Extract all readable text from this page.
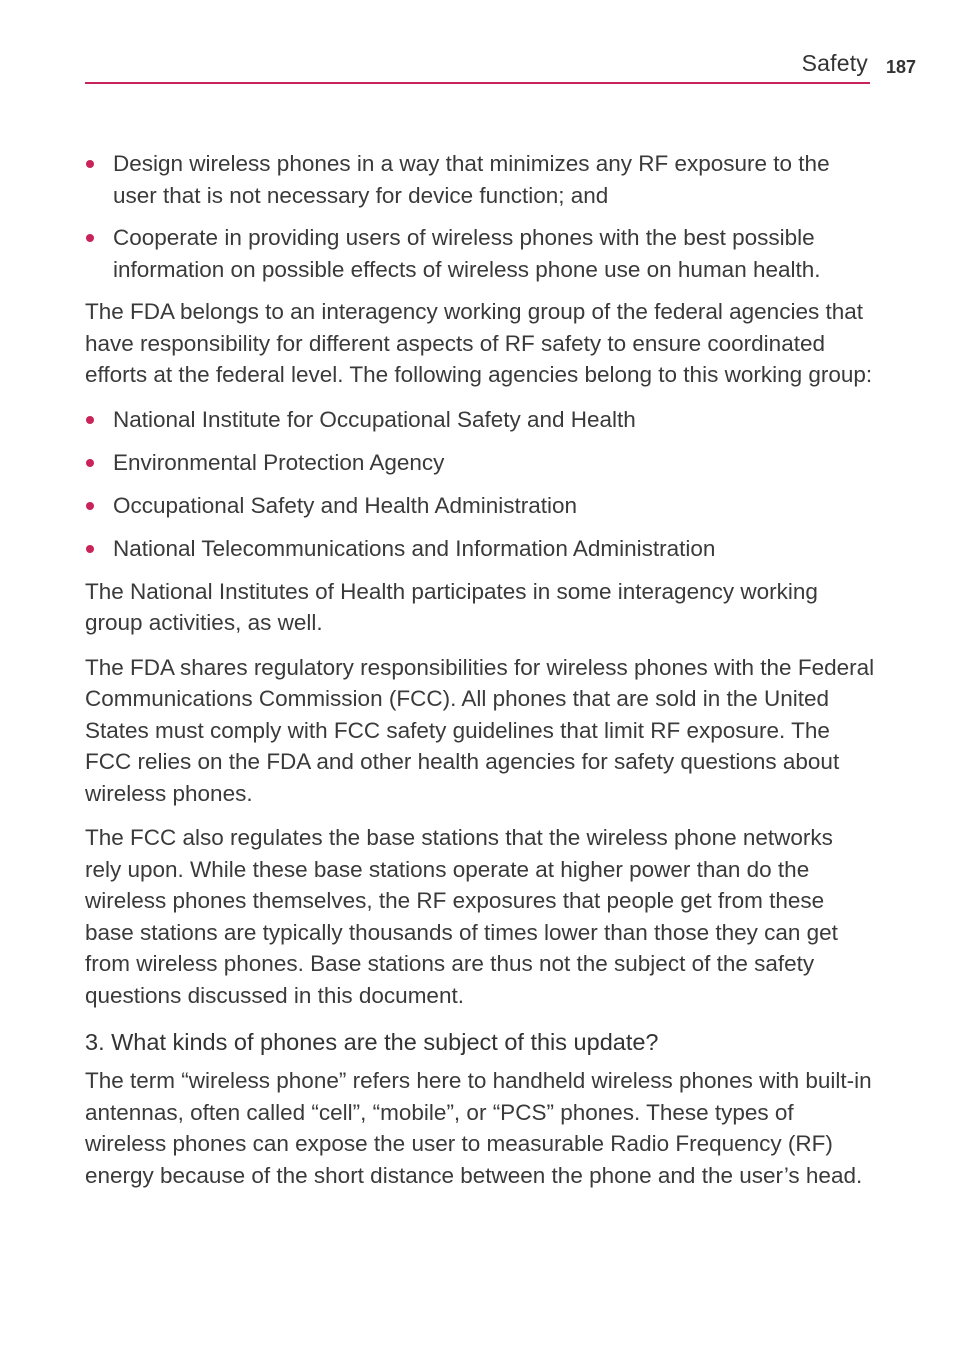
Safety 187
Design wireless phones in a way that minimizes any RF exposure to the user that is not necessary for device function; and
Cooperate in providing users of wireless phones with the best possible information on possible effects of wireless phone use on human health.

The FDA belongs to an interagency working group of the federal agencies that have responsibility for different aspects of RF safety to ensure coordinated efforts at the federal level. The following agencies belong to this working group:

National Institute for Occupational Safety and Health
Environmental Protection Agency
Occupational Safety and Health Administration
National Telecommunications and Information Administration

The National Institutes of Health participates in some interagency working group activities, as well.

The FDA shares regulatory responsibilities for wireless phones with the Federal Communications Commission (FCC). All phones that are sold in the United States must comply with FCC safety guidelines that limit RF exposure. The FCC relies on the FDA and other health agencies for safety questions about wireless phones.

The FCC also regulates the base stations that the wireless phone networks rely upon. While these base stations operate at higher power than do the wireless phones themselves, the RF exposures that people get from these base stations are typically thousands of times lower than those they can get from wireless phones. Base stations are thus not the subject of the safety questions discussed in this document.

3. What kinds of phones are the subject of this update?

The term “wireless phone” refers here to handheld wireless phones with built-in antennas, often called “cell”, “mobile”, or “PCS” phones. These types of wireless phones can expose the user to measurable Radio Frequency (RF) energy because of the short distance between the phone and the user’s head.
